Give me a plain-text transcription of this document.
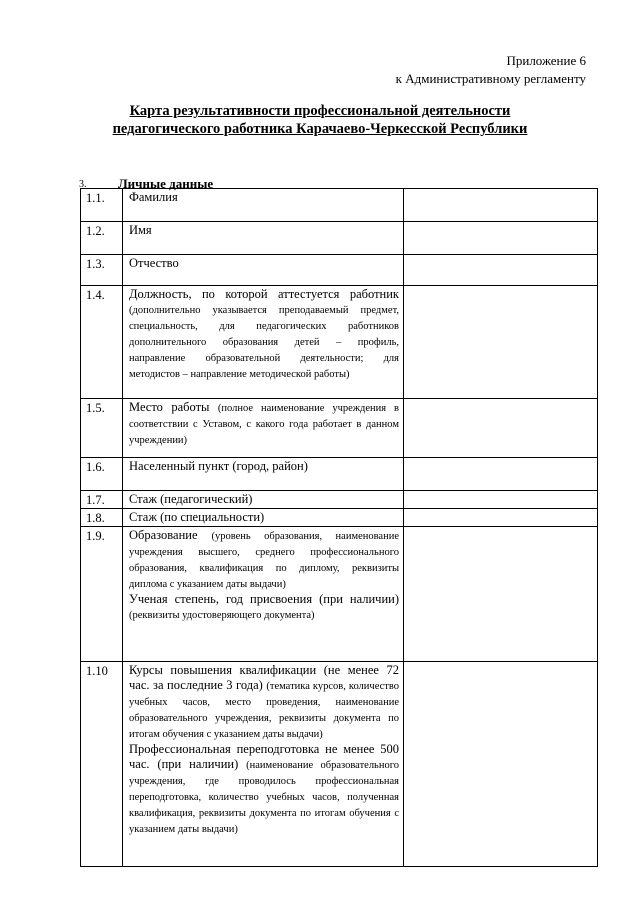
Приложение 6
к Административному регламенту
Карта результативности профессиональной деятельности
педагогического работника Карачаево-Черкесской Республики
3. Личные данные
1.1.	Фамилия	
1.2.	Имя	
1.3.	Отчество	
1.4.	Должность, по которой аттестуется работник (дополнительно указывается преподаваемый предмет, специальность, для педагогических работников дополнительного образования детей – профиль, направление образовательной деятельности; для методистов – направление методической работы)	
1.5.	Место работы (полное наименование учреждения в соответствии с Уставом, с какого года работает в данном учреждении)	
1.6.	Населенный пункт (город, район)	
1.7.	Стаж (педагогический)	
1.8.	Стаж (по специальности)	
1.9.	Образование (уровень образования, наименование учреждения высшего, среднего профессионального образования, квалификация по диплому, реквизиты диплома с указанием даты выдачи)
Ученая степень, год присвоения (при наличии) (реквизиты удостоверяющего документа)	

1.10	Курсы повышения квалификации (не менее 72 час. за последние 3 года) (тематика курсов, количество учебных часов, место проведения, наименование образовательного учреждения, реквизиты документа по итогам обучения с указанием даты выдачи)
Профессиональная переподготовка не менее 500 час. (при наличии) (наименование образовательного учреждения, где проводилось профессиональная переподготовка, количество учебных часов, полученная квалификация, реквизиты документа по итогам обучения с указанием даты выдачи)	
